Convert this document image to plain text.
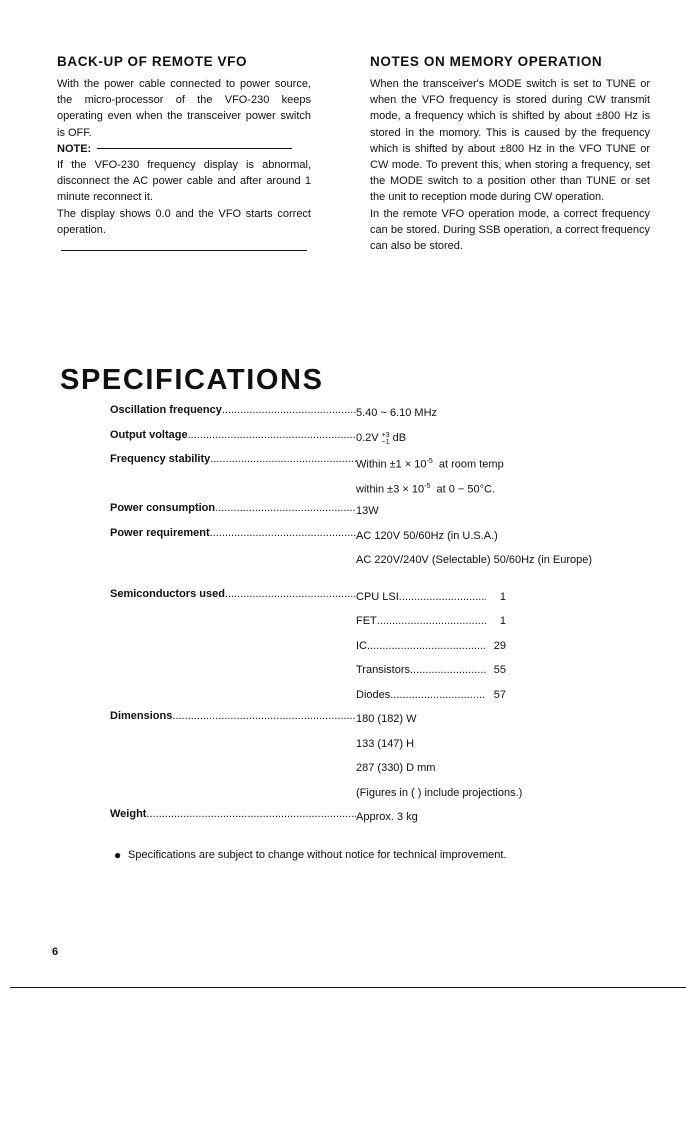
BACK-UP OF REMOTE VFO

With the power cable connected to power source, the micro-processor of the VFO-230 keeps operating even when the transceiver power switch is OFF.

NOTE:

If the VFO-230 frequency display is abnormal, disconnect the AC power cable and after around 1 minute reconnect it.

The display shows 0.0 and the VFO starts correct operation.

NOTES ON MEMORY OPERATION

When the transceiver's MODE switch is set to TUNE or when the VFO frequency is stored during CW transmit mode, a frequency which is shifted by about ±800 Hz is stored in the momory. This is caused by the frequency which is shifted by about ±800 Hz in the VFO TUNE or CW mode. To prevent this, when storing a frequency, set the MODE switch to a position other than TUNE or set the unit to reception mode during CW operation.

In the remote VFO operation mode, a correct frequency can be stored. During SSB operation, a correct frequency can also be stored.

SPECIFICATIONS
Oscillation frequency .....	5.40 ~ 6.10 MHz
Output voltage .....	0.2V +3
−1 dB
Frequency stability .....	Within $\pm 1 \times 10^{-5}$ at room temp
within $\pm 3 \times 10^{-5}$ at 0 − 50°C.
Power consumption .....	13W
Power requirement .....	AC 120V 50/60Hz (in U.S.A.)
AC 220V/240V (Selectable) 50/60Hz (in Europe)
Semiconductors used .....	CPU LSI .....	1
FET .....	1
IC .....	29
Transistors .....	55
Diodes .....	57
Dimensions .....	180 (182) W
133 (147) H
287 (330) D mm
(Figures in ( ) include projections.)
Weight .....	Approx. 3 kg
● Specifications are subject to change without notice for technical improvement.
6
